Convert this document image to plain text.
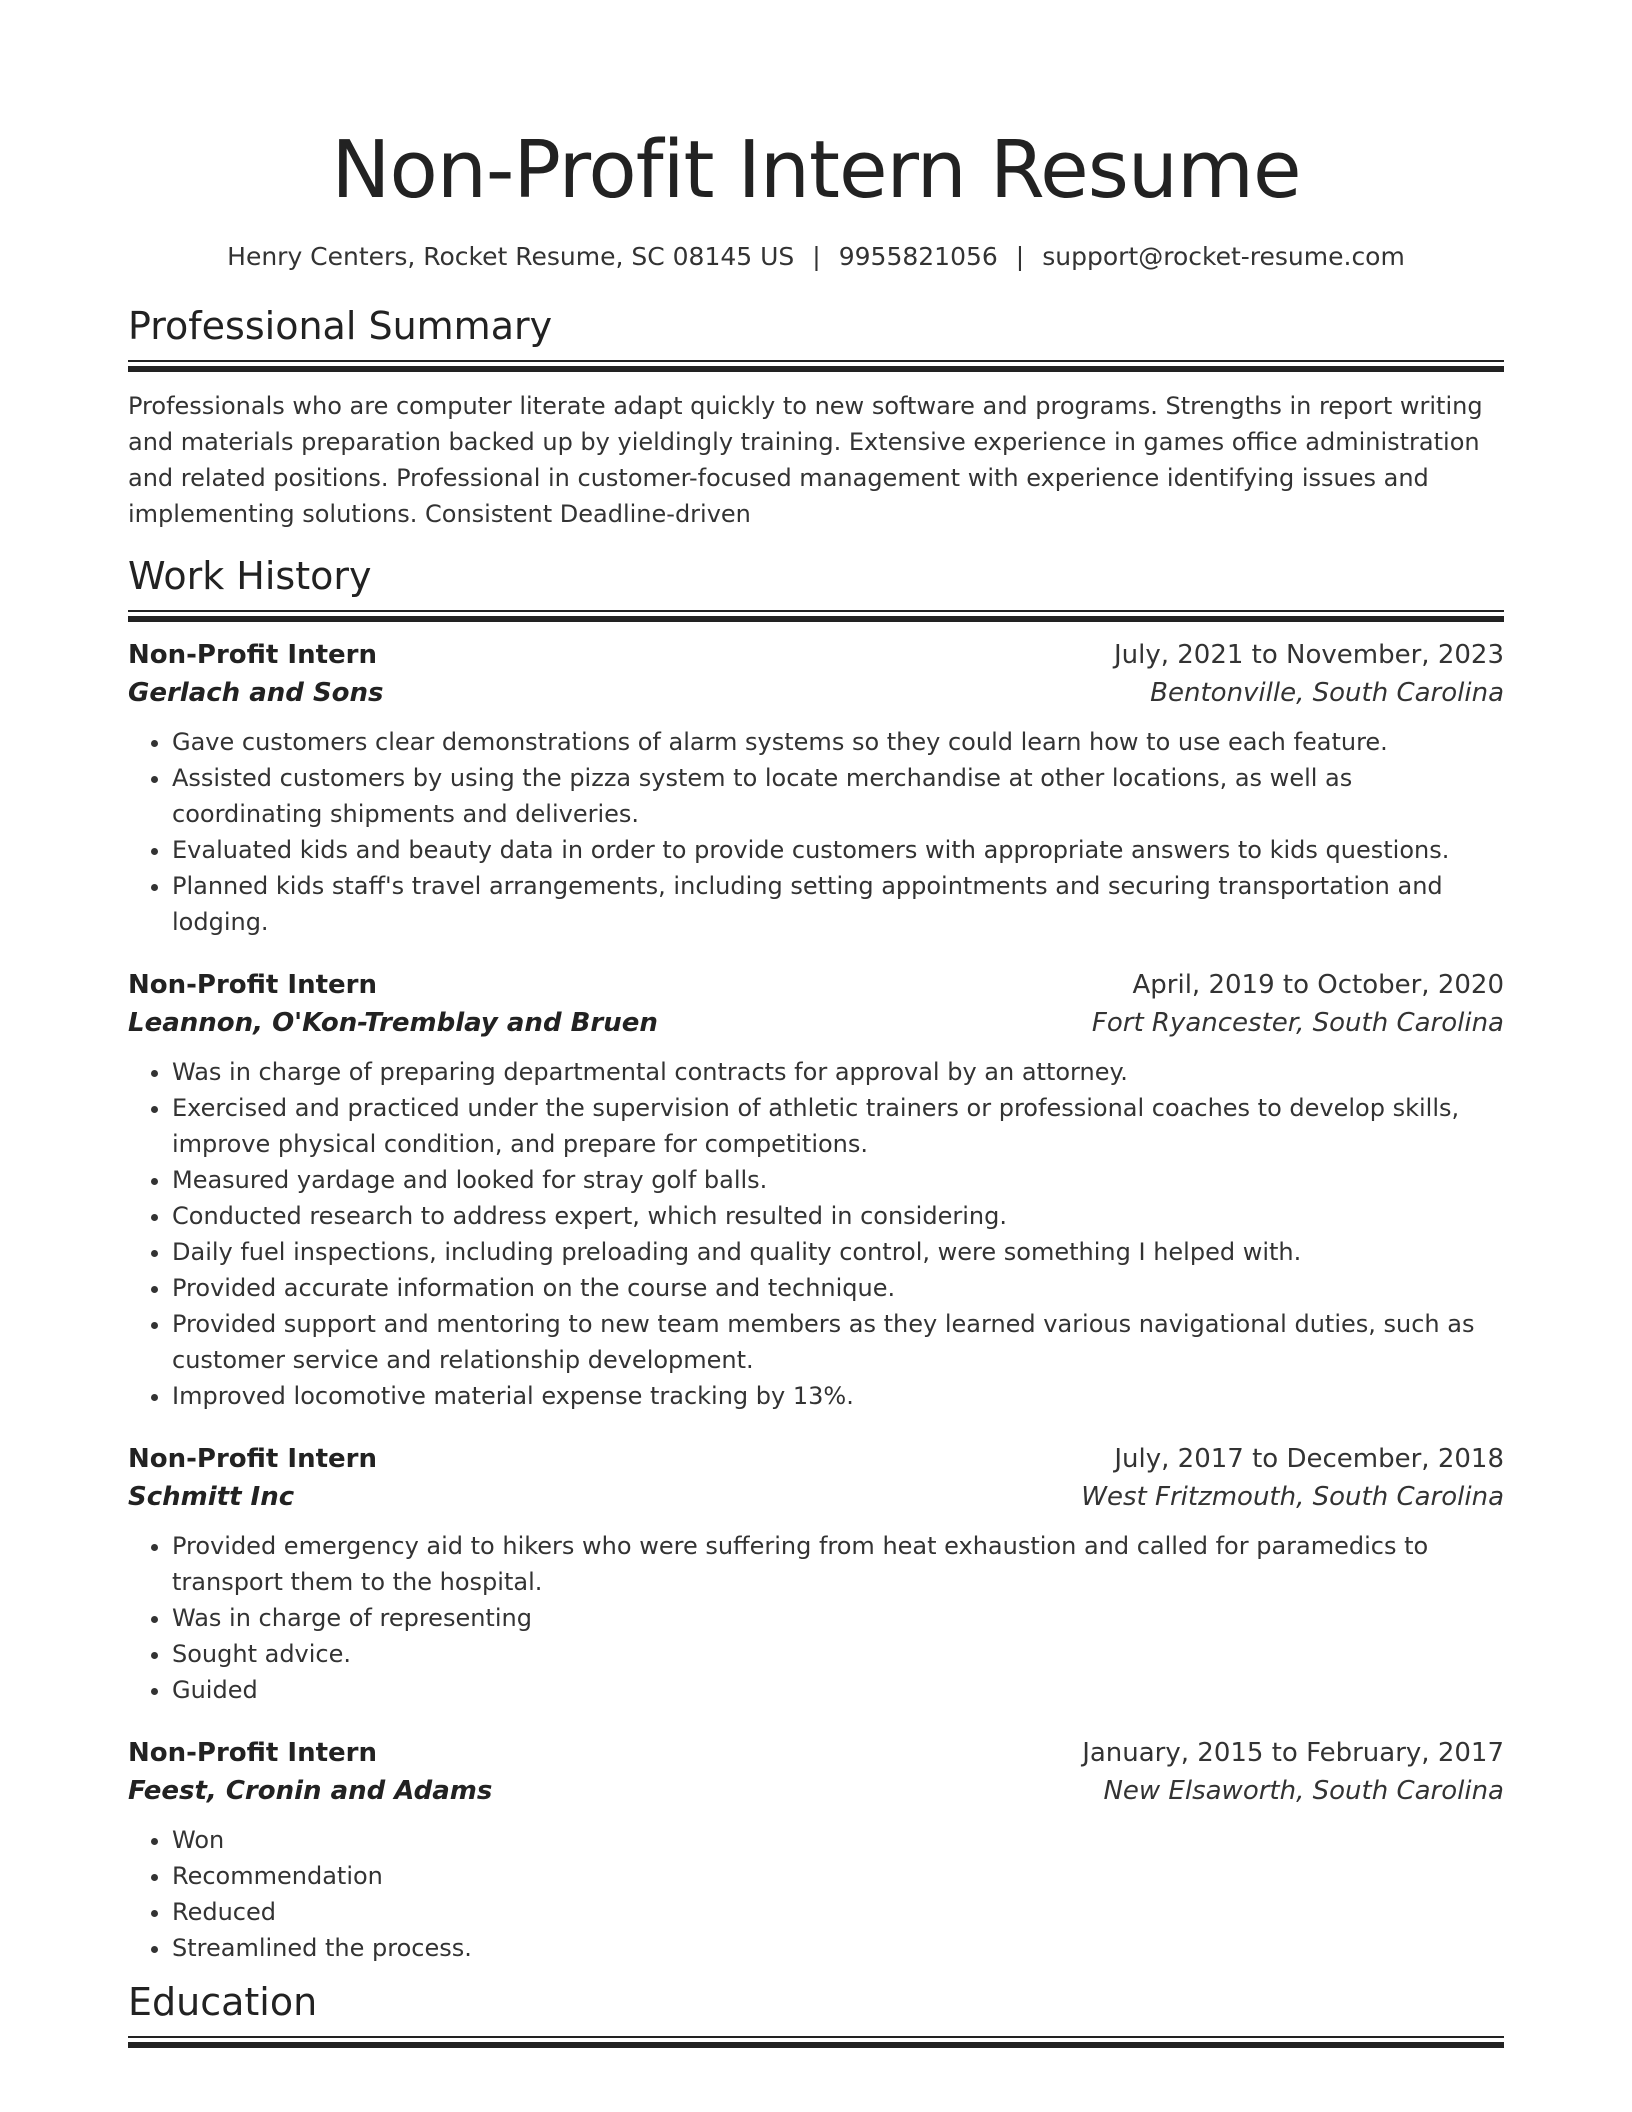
Non-Profit Intern Resume
Henry Centers, Rocket Resume, SC 08145 US | 9955821056 | support@rocket-resume.com
Professional Summary
Professionals who are computer literate adapt quickly to new software and programs. Strengths in report writing and materials preparation backed up by yieldingly training. Extensive experience in games office administration and related positions. Professional in customer-focused management with experience identifying issues and implementing solutions. Consistent Deadline-driven
Work History
Non-Profit Intern	July, 2021 to November, 2023
Gerlach and Sons	Bentonville, South Carolina
• Gave customers clear demonstrations of alarm systems so they could learn how to use each feature.
• Assisted customers by using the pizza system to locate merchandise at other locations, as well as coordinating shipments and deliveries.
• Evaluated kids and beauty data in order to provide customers with appropriate answers to kids questions.
• Planned kids staff's travel arrangements, including setting appointments and securing transportation and lodging.
Non-Profit Intern	April, 2019 to October, 2020
Leannon, O'Kon-Tremblay and Bruen	Fort Ryancester, South Carolina
• Was in charge of preparing departmental contracts for approval by an attorney.
• Exercised and practiced under the supervision of athletic trainers or professional coaches to develop skills, improve physical condition, and prepare for competitions.
• Measured yardage and looked for stray golf balls.
• Conducted research to address expert, which resulted in considering.
• Daily fuel inspections, including preloading and quality control, were something I helped with.
• Provided accurate information on the course and technique.
• Provided support and mentoring to new team members as they learned various navigational duties, such as customer service and relationship development.
• Improved locomotive material expense tracking by 13%.
Non-Profit Intern	July, 2017 to December, 2018
Schmitt Inc	West Fritzmouth, South Carolina
• Provided emergency aid to hikers who were suffering from heat exhaustion and called for paramedics to transport them to the hospital.
• Was in charge of representing
• Sought advice.
• Guided
Non-Profit Intern	January, 2015 to February, 2017
Feest, Cronin and Adams	New Elsaworth, South Carolina
• Won
• Recommendation
• Reduced
• Streamlined the process.
Education
